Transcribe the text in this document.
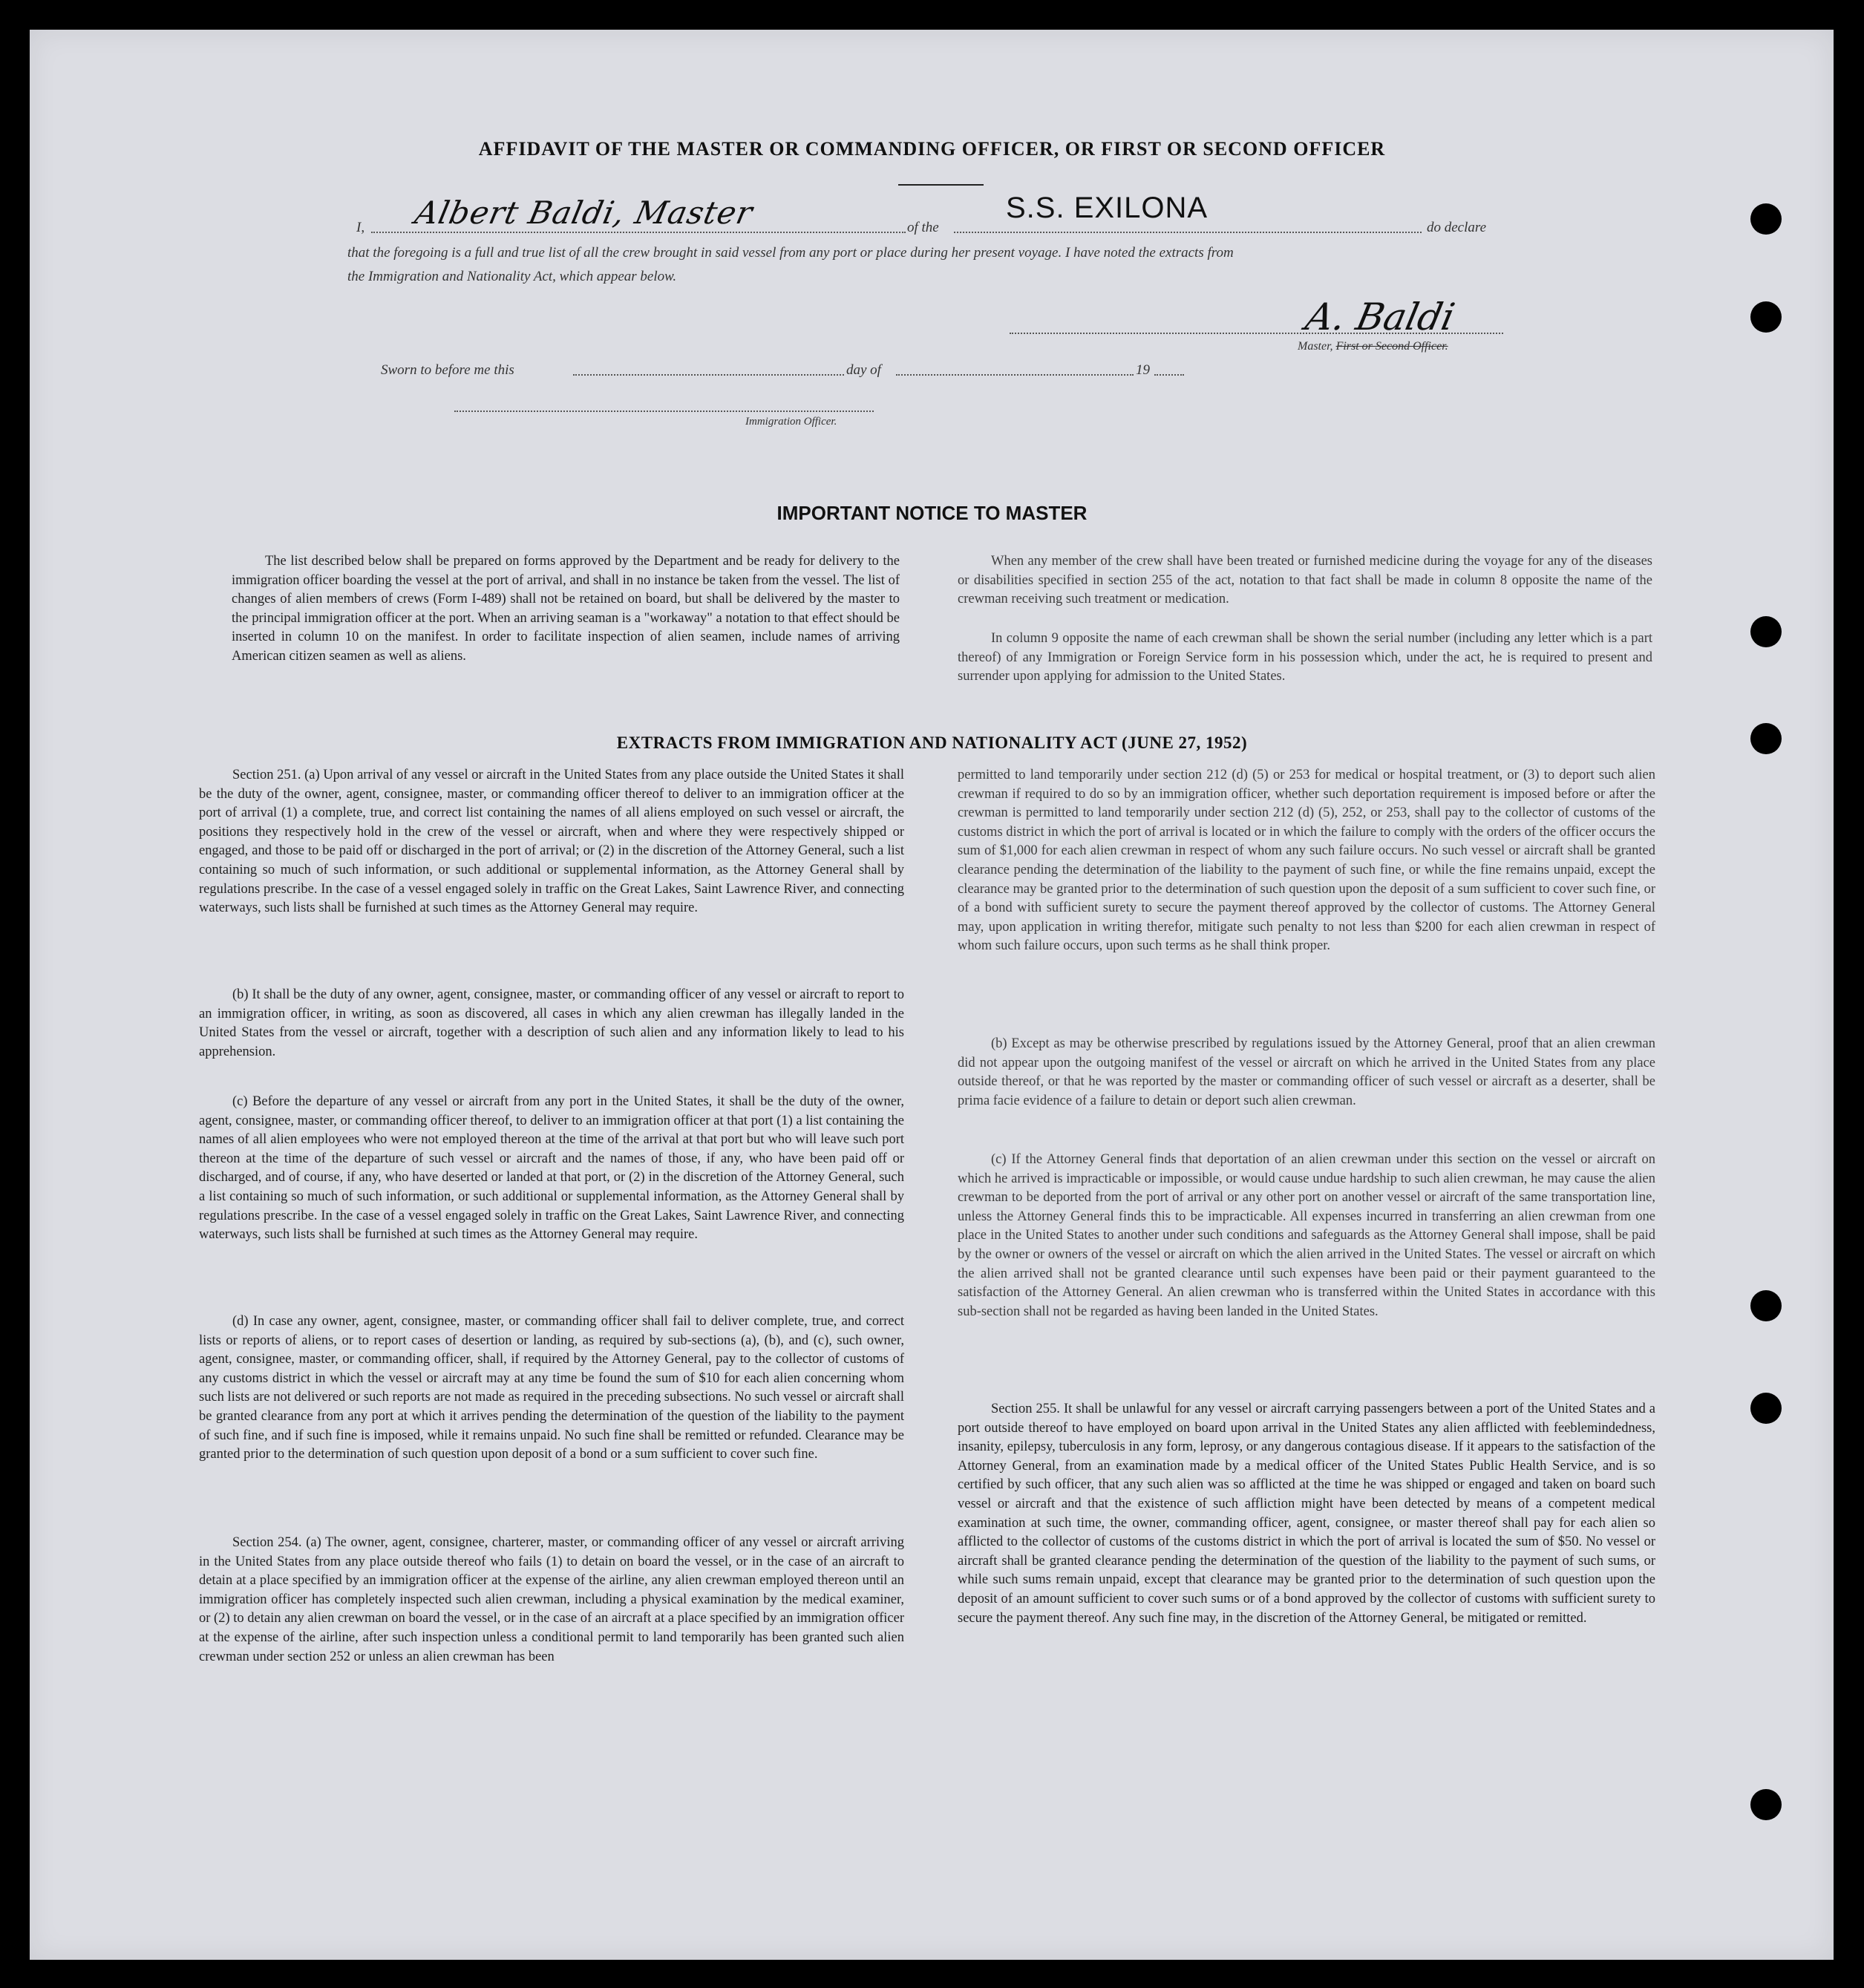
AFFIDAVIT OF THE MASTER OR COMMANDING OFFICER, OR FIRST OR SECOND OFFICER
I, Albert Baldi, Master	of the
S.S. EXILONA
do declare
that the foregoing is a full and true list of all the crew brought in said vessel from any port or place during her present voyage. I have noted the extracts from
the Immigration and Nationality Act, which appear below.
A. Baldi
Master, First or Second Officer.
Sworn to before me this	day of	19
Immigration Officer.
IMPORTANT NOTICE TO MASTER

The list described below shall be prepared on forms approved by the Department and be ready for delivery to the immigration officer boarding the vessel at the port of arrival, and shall in no instance be taken from the vessel. The list of changes of alien members of crews (Form I-489) shall not be retained on board, but shall be delivered by the master to the principal immigration officer at the port. When an arriving seaman is a "workaway" a notation to that effect should be inserted in column 10 on the manifest. In order to facilitate inspection of alien seamen, include names of arriving American citizen seamen as well as aliens.

When any member of the crew shall have been treated or furnished medicine during the voyage for any of the diseases or disabilities specified in section 255 of the act, notation to that fact shall be made in column 8 opposite the name of the crewman receiving such treatment or medication.

In column 9 opposite the name of each crewman shall be shown the serial number (including any letter which is a part thereof) of any Immigration or Foreign Service form in his possession which, under the act, he is required to present and surrender upon applying for admission to the United States.

EXTRACTS FROM IMMIGRATION AND NATIONALITY ACT (JUNE 27, 1952)

Section 251. (a) Upon arrival of any vessel or aircraft in the United States from any place outside the United States it shall be the duty of the owner, agent, consignee, master, or commanding officer thereof to deliver to an immigration officer at the port of arrival (1) a complete, true, and correct list containing the names of all aliens employed on such vessel or aircraft, the positions they respectively hold in the crew of the vessel or aircraft, when and where they were respectively shipped or engaged, and those to be paid off or discharged in the port of arrival; or (2) in the discretion of the Attorney General, such a list containing so much of such information, or such additional or supplemental information, as the Attorney General shall by regulations prescribe. In the case of a vessel engaged solely in traffic on the Great Lakes, Saint Lawrence River, and connecting waterways, such lists shall be furnished at such times as the Attorney General may require.

(b) It shall be the duty of any owner, agent, consignee, master, or commanding officer of any vessel or aircraft to report to an immigration officer, in writing, as soon as discovered, all cases in which any alien crewman has illegally landed in the United States from the vessel or aircraft, together with a description of such alien and any information likely to lead to his apprehension.

(c) Before the departure of any vessel or aircraft from any port in the United States, it shall be the duty of the owner, agent, consignee, master, or commanding officer thereof, to deliver to an immigration officer at that port (1) a list containing the names of all alien employees who were not employed thereon at the time of the arrival at that port but who will leave such port thereon at the time of the departure of such vessel or aircraft and the names of those, if any, who have been paid off or discharged, and of course, if any, who have deserted or landed at that port, or (2) in the discretion of the Attorney General, such a list containing so much of such information, or such additional or supplemental information, as the Attorney General shall by regulations prescribe. In the case of a vessel engaged solely in traffic on the Great Lakes, Saint Lawrence River, and connecting waterways, such lists shall be furnished at such times as the Attorney General may require.

(d) In case any owner, agent, consignee, master, or commanding officer shall fail to deliver complete, true, and correct lists or reports of aliens, or to report cases of desertion or landing, as required by sub-sections (a), (b), and (c), such owner, agent, consignee, master, or commanding officer, shall, if required by the Attorney General, pay to the collector of customs of any customs district in which the vessel or aircraft may at any time be found the sum of $10 for each alien concerning whom such lists are not delivered or such reports are not made as required in the preceding subsections. No such vessel or aircraft shall be granted clearance from any port at which it arrives pending the determination of the question of the liability to the payment of such fine, and if such fine is imposed, while it remains unpaid. No such fine shall be remitted or refunded. Clearance may be granted prior to the determination of such question upon deposit of a bond or a sum sufficient to cover such fine.

Section 254. (a) The owner, agent, consignee, charterer, master, or commanding officer of any vessel or aircraft arriving in the United States from any place outside thereof who fails (1) to detain on board the vessel, or in the case of an aircraft to detain at a place specified by an immigration officer at the expense of the airline, any alien crewman employed thereon until an immigration officer has completely inspected such alien crewman, including a physical examination by the medical examiner, or (2) to detain any alien crewman on board the vessel, or in the case of an aircraft at a place specified by an immigration officer at the expense of the airline, after such inspection unless a conditional permit to land temporarily has been granted such alien crewman under section 252 or unless an alien crewman has been

permitted to land temporarily under section 212 (d) (5) or 253 for medical or hospital treatment, or (3) to deport such alien crewman if required to do so by an immigration officer, whether such deportation requirement is imposed before or after the crewman is permitted to land temporarily under section 212 (d) (5), 252, or 253, shall pay to the collector of customs of the customs district in which the port of arrival is located or in which the failure to comply with the orders of the officer occurs the sum of $1,000 for each alien crewman in respect of whom any such failure occurs. No such vessel or aircraft shall be granted clearance pending the determination of the liability to the payment of such fine, or while the fine remains unpaid, except the clearance may be granted prior to the determination of such question upon the deposit of a sum sufficient to cover such fine, or of a bond with sufficient surety to secure the payment thereof approved by the collector of customs. The Attorney General may, upon application in writing therefor, mitigate such penalty to not less than $200 for each alien crewman in respect of whom such failure occurs, upon such terms as he shall think proper.

(b) Except as may be otherwise prescribed by regulations issued by the Attorney General, proof that an alien crewman did not appear upon the outgoing manifest of the vessel or aircraft on which he arrived in the United States from any place outside thereof, or that he was reported by the master or commanding officer of such vessel or aircraft as a deserter, shall be prima facie evidence of a failure to detain or deport such alien crewman.

(c) If the Attorney General finds that deportation of an alien crewman under this section on the vessel or aircraft on which he arrived is impracticable or impossible, or would cause undue hardship to such alien crewman, he may cause the alien crewman to be deported from the port of arrival or any other port on another vessel or aircraft of the same transportation line, unless the Attorney General finds this to be impracticable. All expenses incurred in transferring an alien crewman from one place in the United States to another under such conditions and safeguards as the Attorney General shall impose, shall be paid by the owner or owners of the vessel or aircraft on which the alien arrived in the United States. The vessel or aircraft on which the alien arrived shall not be granted clearance until such expenses have been paid or their payment guaranteed to the satisfaction of the Attorney General. An alien crewman who is transferred within the United States in accordance with this sub-section shall not be regarded as having been landed in the United States.

Section 255. It shall be unlawful for any vessel or aircraft carrying passengers between a port of the United States and a port outside thereof to have employed on board upon arrival in the United States any alien afflicted with feeblemindedness, insanity, epilepsy, tuberculosis in any form, leprosy, or any dangerous contagious disease. If it appears to the satisfaction of the Attorney General, from an examination made by a medical officer of the United States Public Health Service, and is so certified by such officer, that any such alien was so afflicted at the time he was shipped or engaged and taken on board such vessel or aircraft and that the existence of such affliction might have been detected by means of a competent medical examination at such time, the owner, commanding officer, agent, consignee, or master thereof shall pay for each alien so afflicted to the collector of customs of the customs district in which the port of arrival is located the sum of $50. No vessel or aircraft shall be granted clearance pending the determination of the question of the liability to the payment of such sums, or while such sums remain unpaid, except that clearance may be granted prior to the determination of such question upon the deposit of an amount sufficient to cover such sums or of a bond approved by the collector of customs with sufficient surety to secure the payment thereof. Any such fine may, in the discretion of the Attorney General, be mitigated or remitted.
